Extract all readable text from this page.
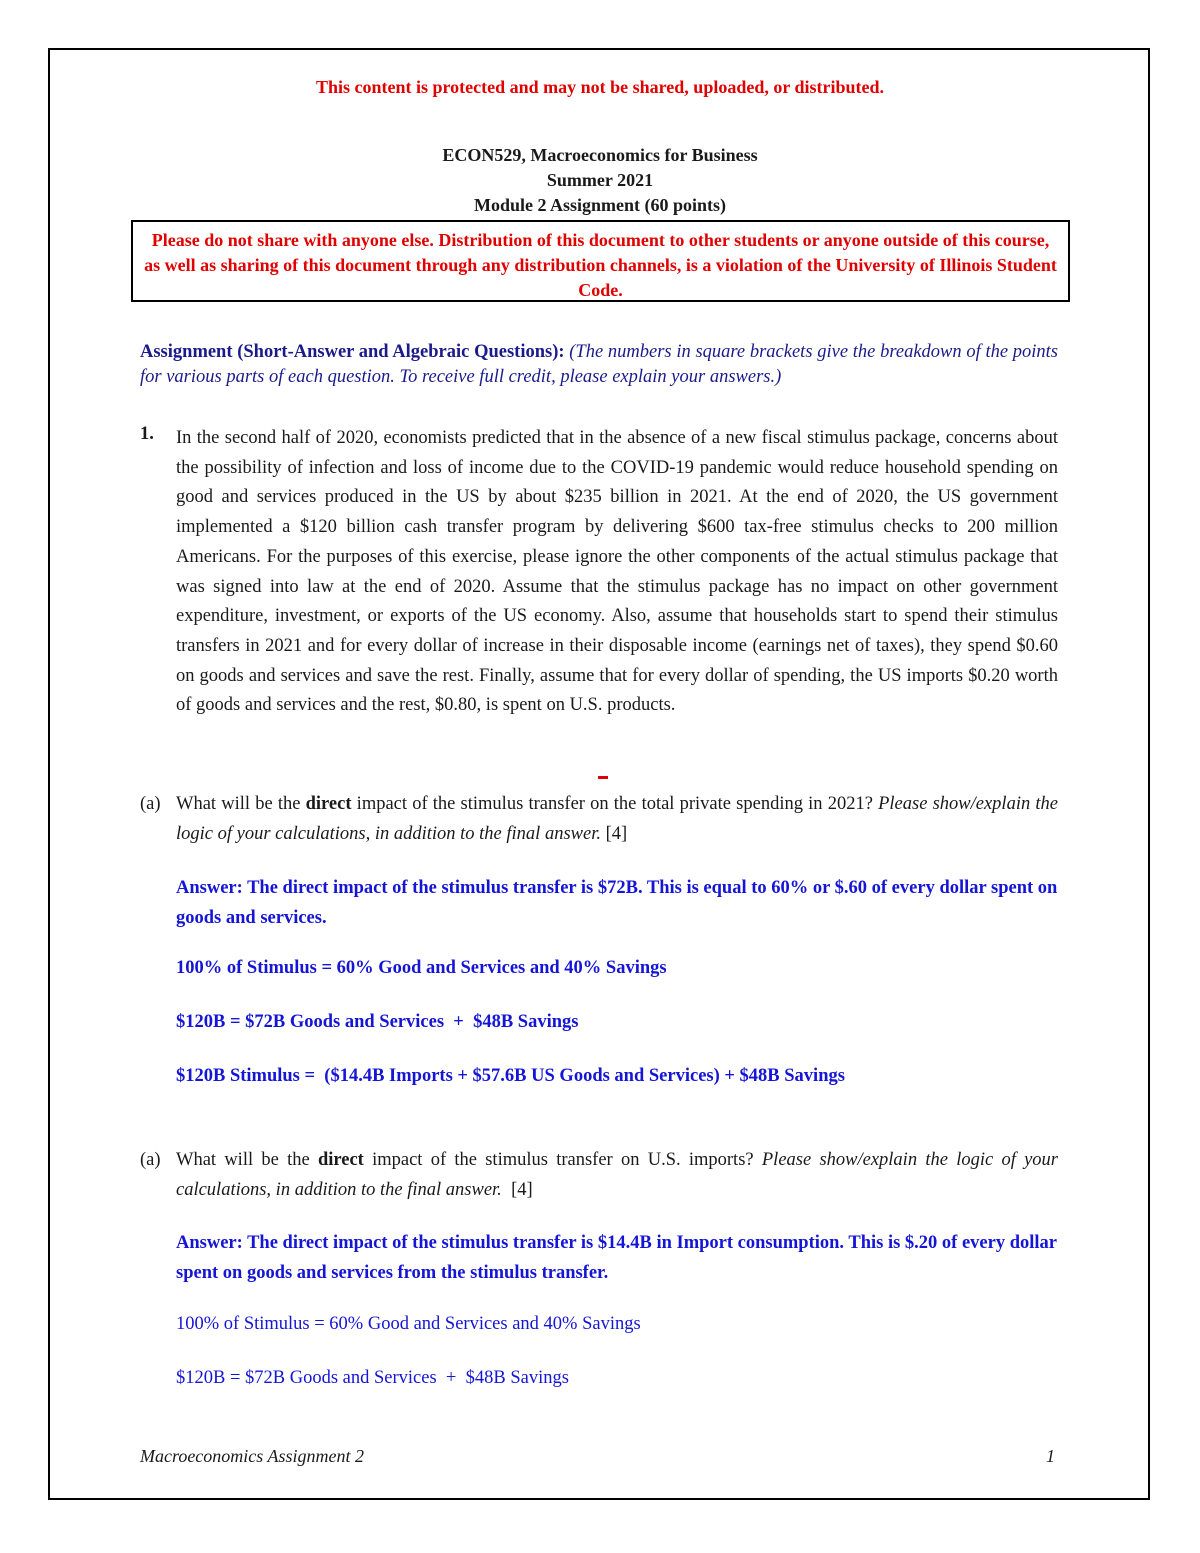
This content is protected and may not be shared, uploaded, or distributed.
ECON529, Macroeconomics for Business
Summer 2021
Module 2 Assignment (60 points)
Please do not share with anyone else. Distribution of this document to other students or anyone outside of this course, as well as sharing of this document through any distribution channels, is a violation of the University of Illinois Student Code.
Assignment (Short-Answer and Algebraic Questions): (The numbers in square brackets give the breakdown of the points for various parts of each question. To receive full credit, please explain your answers.)
1. In the second half of 2020, economists predicted that in the absence of a new fiscal stimulus package, concerns about the possibility of infection and loss of income due to the COVID-19 pandemic would reduce household spending on good and services produced in the US by about $235 billion in 2021. At the end of 2020, the US government implemented a $120 billion cash transfer program by delivering $600 tax-free stimulus checks to 200 million Americans. For the purposes of this exercise, please ignore the other components of the actual stimulus package that was signed into law at the end of 2020. Assume that the stimulus package has no impact on other government expenditure, investment, or exports of the US economy. Also, assume that households start to spend their stimulus transfers in 2021 and for every dollar of increase in their disposable income (earnings net of taxes), they spend $0.60 on goods and services and save the rest. Finally, assume that for every dollar of spending, the US imports $0.20 worth of goods and services and the rest, $0.80, is spent on U.S. products.
(a) What will be the direct impact of the stimulus transfer on the total private spending in 2021? Please show/explain the logic of your calculations, in addition to the final answer. [4]
Answer: The direct impact of the stimulus transfer is $72B. This is equal to 60% or $.60 of every dollar spent on goods and services.
100% of Stimulus = 60% Good and Services and 40% Savings
$120B = $72B Goods and Services  +  $48B Savings
$120B Stimulus =  ($14.4B Imports + $57.6B US Goods and Services) + $48B Savings
(a) What will be the direct impact of the stimulus transfer on U.S. imports? Please show/explain the logic of your calculations, in addition to the final answer.  [4]
Answer: The direct impact of the stimulus transfer is $14.4B in Import consumption. This is $.20 of every dollar spent on goods and services from the stimulus transfer.
100% of Stimulus = 60% Good and Services and 40% Savings
$120B = $72B Goods and Services  +  $48B Savings
Macroeconomics Assignment 2	1
